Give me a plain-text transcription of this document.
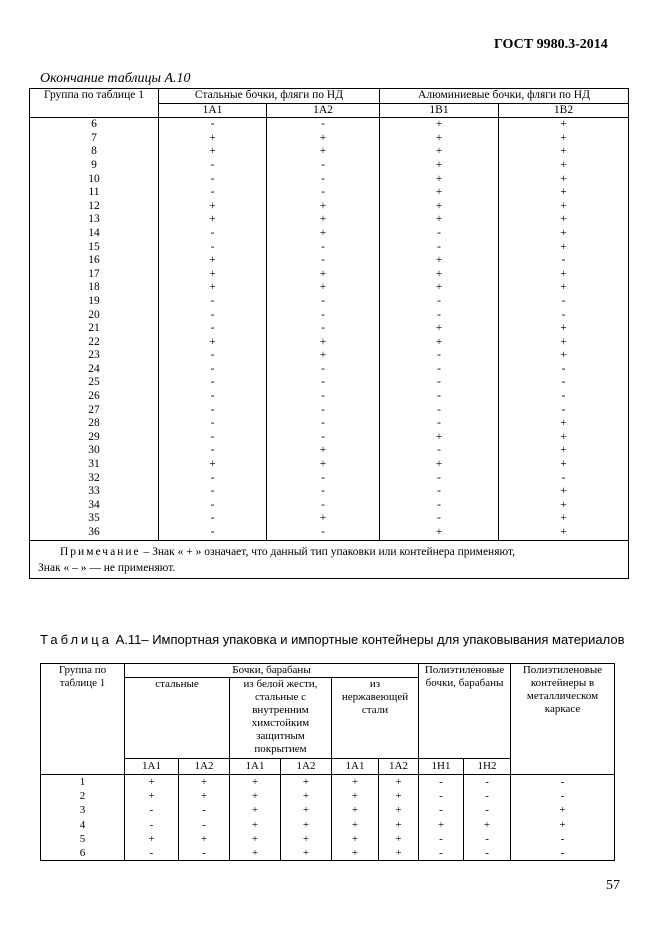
ГОСТ 9980.3-2014
Окончание таблицы А.10
Группа по таблице 1	Стальные бочки, фляги по НД		Алюминиевые бочки, фляги по НД	
	1А1	1А2	1В1	1В2
6	-	-	+	+
7	+	+	+	+
8	+	+	+	+
9	-	-	+	+
10	-	-	+	+
11	-	-	+	+
12	+	+	+	+
13	+	+	+	+
14	-	+	-	+
15	-	-	-	+
16	+	-	+	-
17	+	+	+	+
18	+	+	+	+
19	-	-	-	-
20	-	-	-	-
21	-	-	+	+
22	+	+	+	+
23	-	+	-	+
24	-	-	-	-
25	-	-	-	-
26	-	-	-	-
27	-	-	-	-
28	-	-	-	+
29	-	-	+	+
30	-	+	-	+
31	+	+	+	+
32	-	-	-	-
33	-	-	-	+
34	-	-	-	+
35	-	+	-	+
36	-	-	+	+
Примечание – Знак « + » означает, что данный тип упаковки или контейнера применяют,
Знак « – » — не применяют.				
Таблица А.11– Импортная упаковка и импортные контейнеры для упаковывания материалов
Группа по таблице 1	Бочки, барабаны						Полиэтиленовые бочки, барабаны		Полиэтиленовые контейнеры в металлическом каркасе
	стальные		из белой жести, стальные с внутренним химстойким защитным покрытием		из нержавеющей стали				
	1А1	1А2	1А1	1А2	1А1	1А2	1Н1	1Н2	
1	+	+	+	+	+	+	-	-	-
2	+	+	+	+	+	+	-	-	-
3	-	-	+	+	+	+	-	-	+
4	-	-	+	+	+	+	+	+	+
5	+	+	+	+	+	+	-	-	-
6	-	-	+	+	+	+	-	-	-
57
